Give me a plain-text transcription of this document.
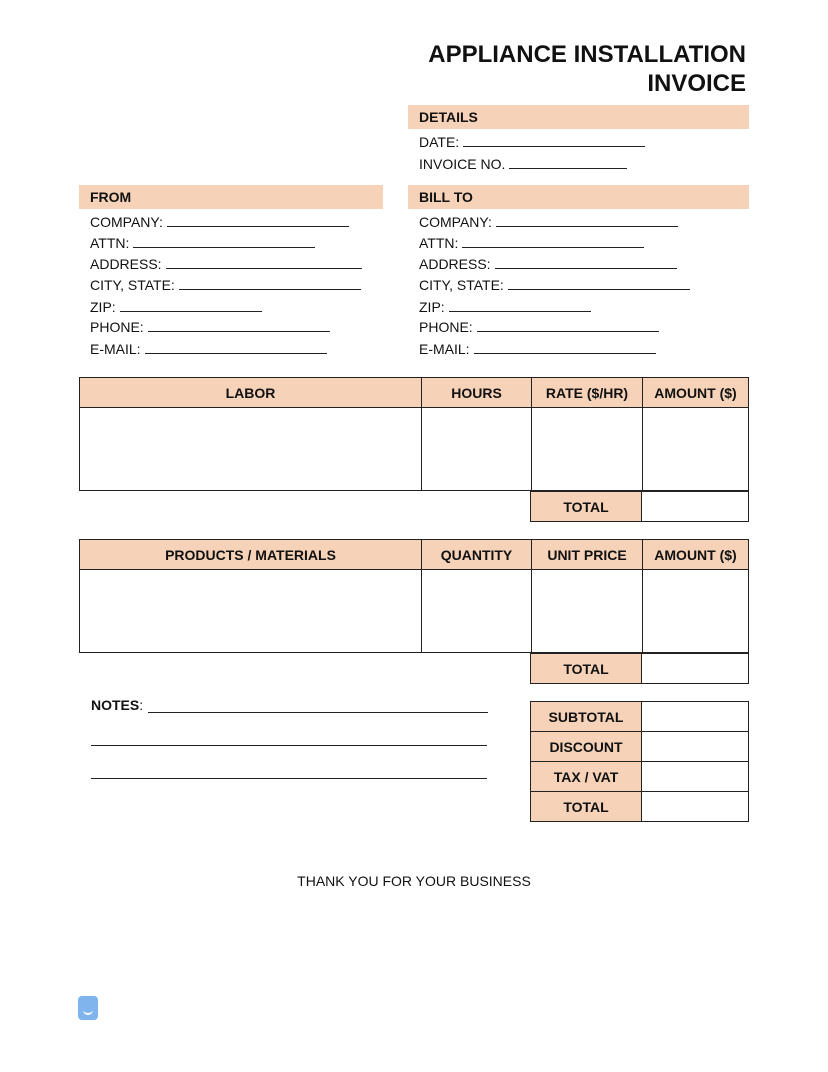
APPLIANCE INSTALLATION
INVOICE
DETAILS
DATE:
INVOICE NO.
FROM
COMPANY:
ATTN:
ADDRESS:
CITY, STATE:
ZIP:
PHONE:
E-MAIL:
BILL TO
COMPANY:
ATTN:
ADDRESS:
CITY, STATE:
ZIP:
PHONE:
E-MAIL:
LABOR	HOURS	RATE ($/HR)	AMOUNT ($)

TOTAL	
PRODUCTS / MATERIALS	QUANTITY	UNIT PRICE	AMOUNT ($)

TOTAL	
NOTES:
SUBTOTAL	
DISCOUNT	
TAX / VAT	
TOTAL	
THANK YOU FOR YOUR BUSINESS
